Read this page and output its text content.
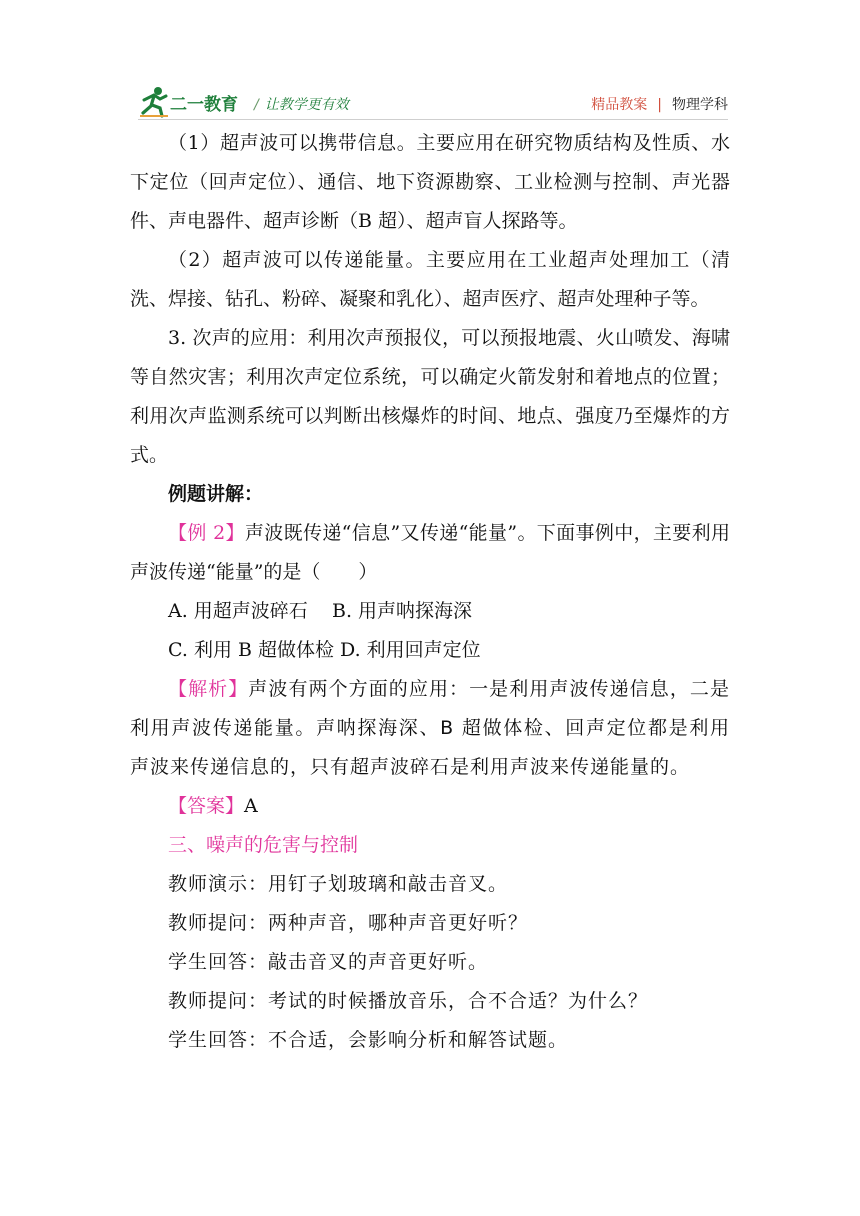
二一教育 / 让教学更有效	精品教案 | 物理学科

（1）超声波可以携带信息。主要应用在研究物质结构及性质、水下定位（回声定位）、通信、地下资源勘察、工业检测与控制、声光器件、声电器件、超声诊断（B 超）、超声盲人探路等。

（2）超声波可以传递能量。主要应用在工业超声处理加工（清洗、焊接、钻孔、粉碎、凝聚和乳化）、超声医疗、超声处理种子等。

3. 次声的应用：利用次声预报仪，可以预报地震、火山喷发、海啸等自然灾害；利用次声定位系统，可以确定火箭发射和着地点的位置；利用次声监测系统可以判断出核爆炸的时间、地点、强度乃至爆炸的方式。

例题讲解：

【例 2】声波既传递“信息”又传递“能量”。下面事例中，主要利用声波传递“能量”的是（　　）

A. 用超声波碎石 B. 用声呐探海深

C. 利用 B 超做体检 D. 利用回声定位

【解析】声波有两个方面的应用：一是利用声波传递信息，二是利用声波传递能量。声呐探海深、B 超做体检、回声定位都是利用声波来传递信息的，只有超声波碎石是利用声波来传递能量的。

【答案】A

三、噪声的危害与控制

教师演示：用钉子划玻璃和敲击音叉。

教师提问：两种声音，哪种声音更好听？

学生回答：敲击音叉的声音更好听。

教师提问：考试的时候播放音乐，合不合适？为什么？

学生回答：不合适，会影响分析和解答试题。
